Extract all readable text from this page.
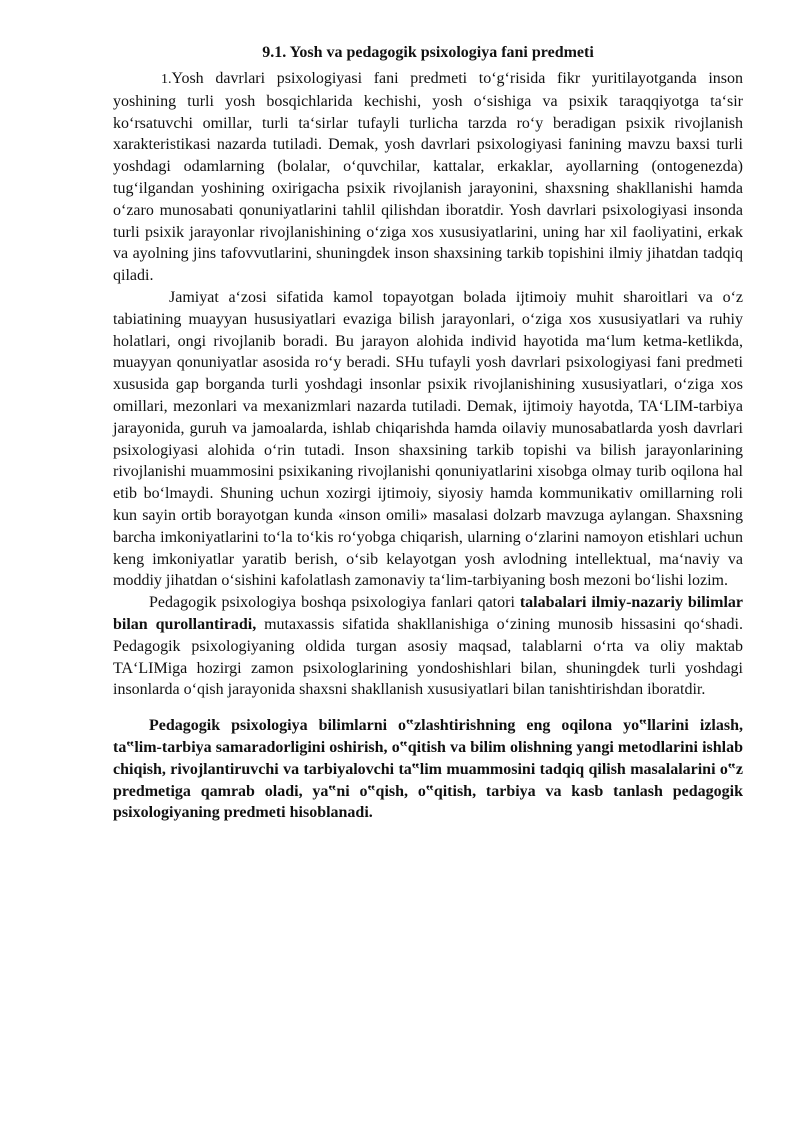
9.1. Yosh va pedagogik psixologiya fani predmeti

1.Yosh davrlari psixologiyasi fani predmeti to‘g‘risida fikr yuritilayotganda inson yoshining turli yosh bosqichlarida kechishi, yosh o‘sishiga va psixik taraqqiyotga ta‘sir ko‘rsatuvchi omillar, turli ta‘sirlar tufayli turlicha tarzda ro‘y beradigan psixik rivojlanish xarakteristikasi nazarda tutiladi. Demak, yosh davrlari psixologiyasi fanining mavzu baxsi turli yoshdagi odamlarning (bolalar, o‘quvchilar, kattalar, erkaklar, ayollarning (ontogenezda) tug‘ilgandan yoshining oxirigacha psixik rivojlanish jarayonini, shaxsning shakllanishi hamda o‘zaro munosabati qonuniyatlarini tahlil qilishdan iboratdir. Yosh davrlari psixologiyasi insonda turli psixik jarayonlar rivojlanishining o‘ziga xos xususiyatlarini, uning har xil faoliyatini, erkak va ayolning jins tafovvutlarini, shuningdek inson shaxsining tarkib topishini ilmiy jihatdan tadqiq qiladi.

Jamiyat a‘zosi sifatida kamol topayotgan bolada ijtimoiy muhit sharoitlari va o‘z tabiatining muayyan hususiyatlari evaziga bilish jarayonlari, o‘ziga xos xususiyatlari va ruhiy holatlari, ongi rivojlanib boradi. Bu jarayon alohida individ hayotida ma‘lum ketma-ketlikda, muayyan qonuniyatlar asosida ro‘y beradi. SHu tufayli yosh davrlari psixologiyasi fani predmeti xususida gap borganda turli yoshdagi insonlar psixik rivojlanishining xususiyatlari, o‘ziga xos omillari, mezonlari va mexanizmlari nazarda tutiladi. Demak, ijtimoiy hayotda, TA‘LIM-tarbiya jarayonida, guruh va jamoalarda, ishlab chiqarishda hamda oilaviy munosabatlarda yosh davrlari psixologiyasi alohida o‘rin tutadi. Inson shaxsining tarkib topishi va bilish jarayonlarining rivojlanishi muammosini psixikaning rivojlanishi qonuniyatlarini xisobga olmay turib oqilona hal etib bo‘lmaydi. Shuning uchun xozirgi ijtimoiy, siyosiy hamda kommunikativ omillarning roli kun sayin ortib borayotgan kunda «inson omili» masalasi dolzarb mavzuga aylangan. Shaxsning barcha imkoniyatlarini to‘la to‘kis ro‘yobga chiqarish, ularning o‘zlarini namoyon etishlari uchun keng imkoniyatlar yaratib berish, o‘sib kelayotgan yosh avlodning intellektual, ma‘naviy va moddiy jihatdan o‘sishini kafolatlash zamonaviy ta‘lim-tarbiyaning bosh mezoni bo‘lishi lozim.

Pedagogik psixologiya boshqa psixologiya fanlari qatori talabalari ilmiy-nazariy bilimlar bilan qurollantiradi, mutaxassis sifatida shakllanishiga o‘zining munosib hissasini qo‘shadi. Pedagogik psixologiyaning oldida turgan asosiy maqsad, talablarni o‘rta va oliy maktab TA‘LIMiga hozirgi zamon psixologlarining yondoshishlari bilan, shuningdek turli yoshdagi insonlarda o‘qish jarayonida shaxsni shakllanish xususiyatlari bilan tanishtirishdan iboratdir.

Pedagogik psixologiya bilimlarni o‟zlashtirishning eng oqilona yo‟llarini izlash, ta‟lim-tarbiya samaradorligini oshirish, o‟qitish va bilim olishning yangi metodlarini ishlab chiqish, rivojlantiruvchi va tarbiyalovchi ta‟lim muammosini tadqiq qilish masalalarini o‟z predmetiga qamrab oladi, ya‟ni o‟qish, o‟qitish, tarbiya va kasb tanlash pedagogik psixologiyaning predmeti hisoblanadi.
